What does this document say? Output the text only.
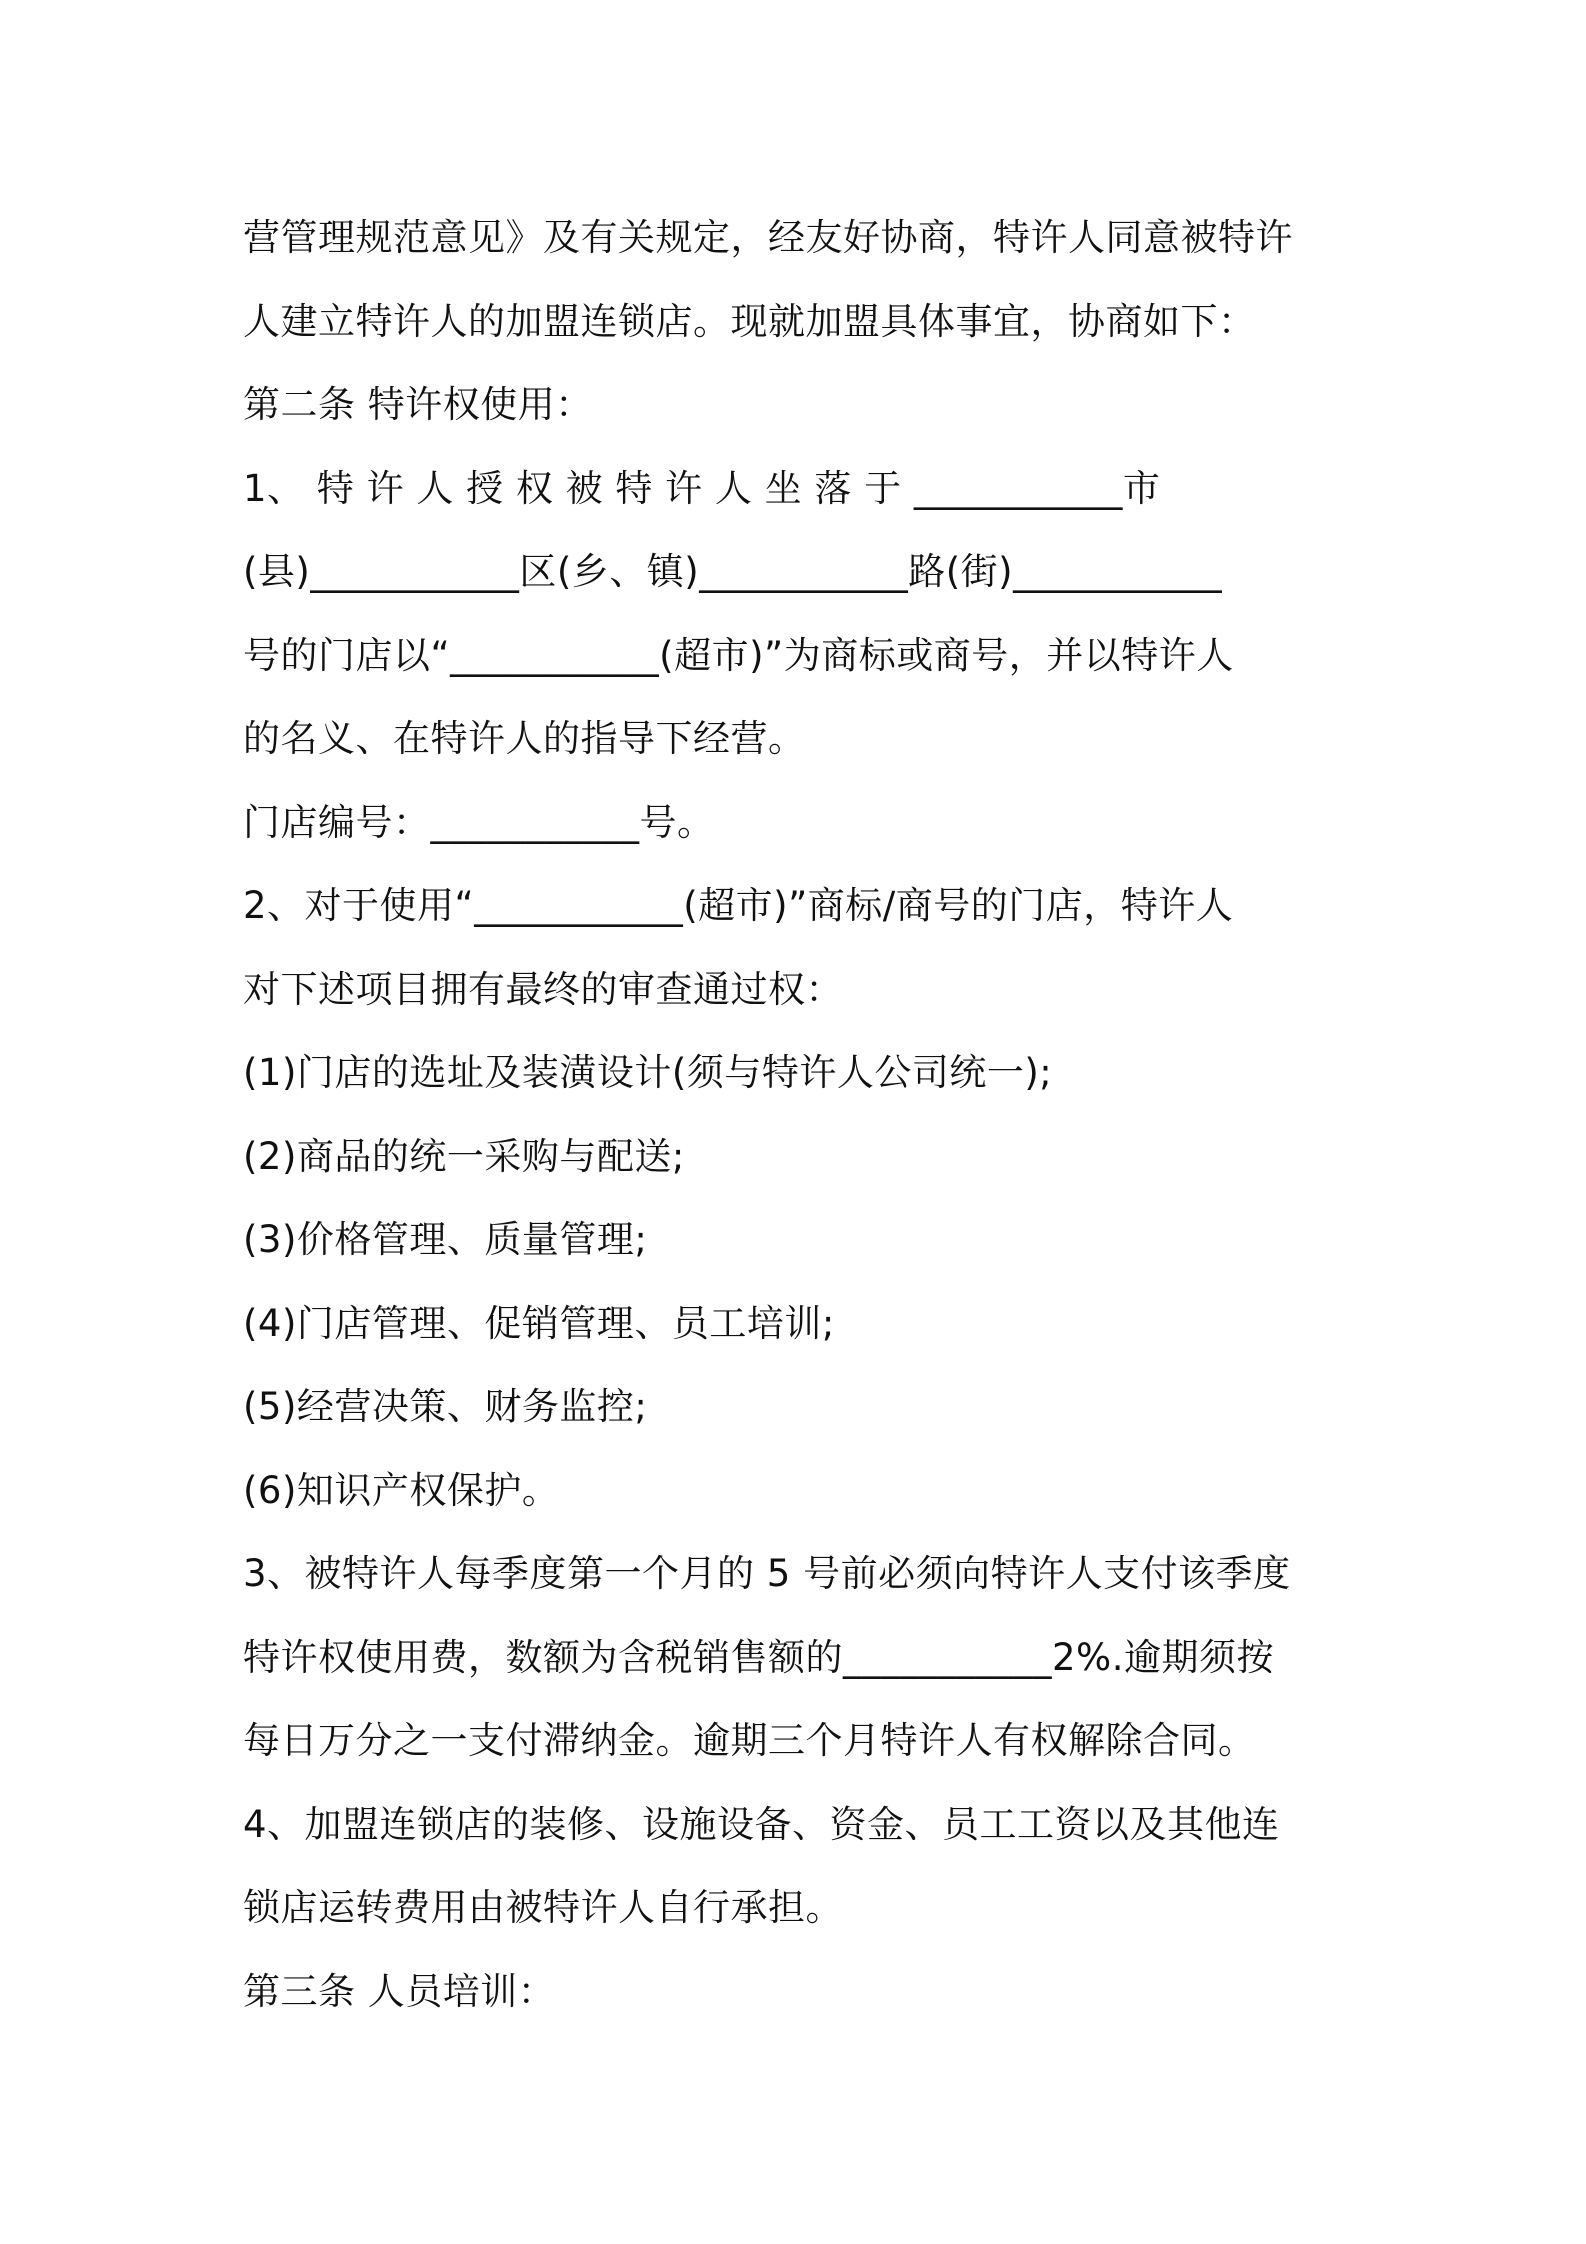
营管理规范意见》及有关规定，经友好协商，特许人同意被特许
人建立特许人的加盟连锁店。现就加盟具体事宜，协商如下：
第二条 特许权使用：
1、 特 许 人 授 权 被 特 许 人 坐 落 于 ___________市
(县)___________区(乡、镇)___________路(街)___________
号的门店以“___________(超市)”为商标或商号，并以特许人
的名义、在特许人的指导下经营。
门店编号：___________号。
2、对于使用“___________(超市)”商标/商号的门店，特许人
对下述项目拥有最终的审查通过权：
(1)门店的选址及装潢设计(须与特许人公司统一);
(2)商品的统一采购与配送;
(3)价格管理、质量管理;
(4)门店管理、促销管理、员工培训;
(5)经营决策、财务监控;
(6)知识产权保护。
3、被特许人每季度第一个月的 5 号前必须向特许人支付该季度
特许权使用费，数额为含税销售额的___________2%.逾期须按
每日万分之一支付滞纳金。逾期三个月特许人有权解除合同。
4、加盟连锁店的装修、设施设备、资金、员工工资以及其他连
锁店运转费用由被特许人自行承担。
第三条 人员培训：
